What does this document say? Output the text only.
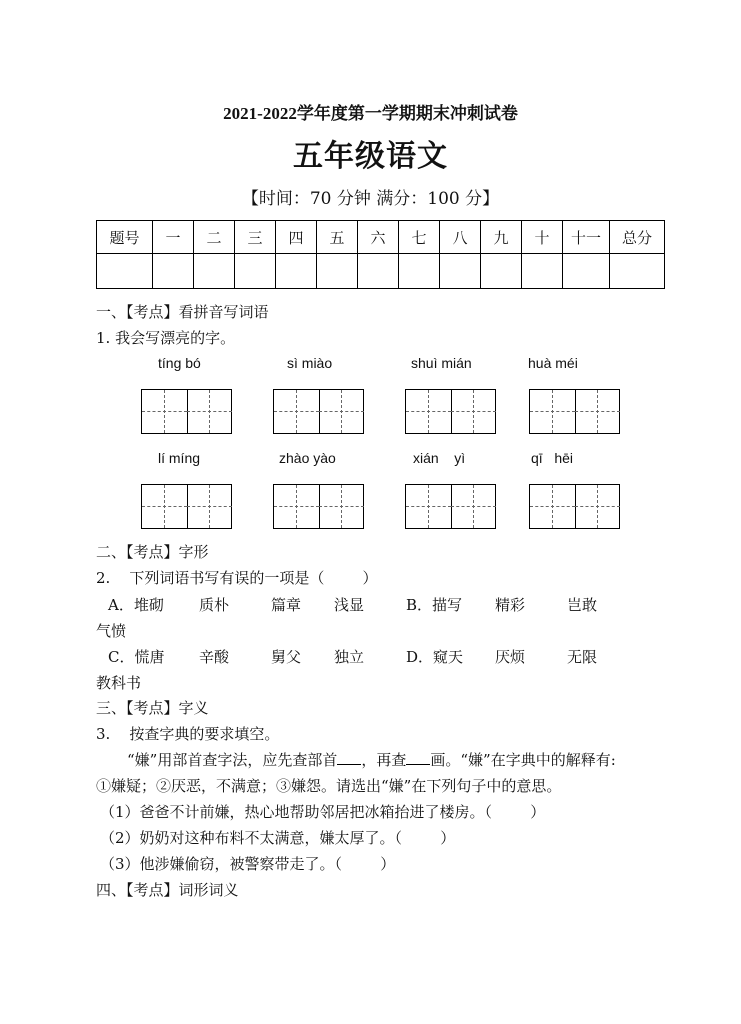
2021-2022学年度第一学期期末冲刺试卷
五年级语文
【时间：70 分钟 满分：100 分】
题号	一	二	三	四	五	六	七	八	九	十	十一	总分

一、【考点】看拼音写词语
1. 我会写漂亮的字。
tíng bó	sì miào	shuì mián	huà méi
lí míng	zhào yào	xián    yì	qī   hēi
二、【考点】字形
2.    下列词语书写有误的一项是（        ）
A．堆砌 质朴	篇章 浅显	B．描写 精彩	岂敢
气愤
C．慌唐 辛酸	舅父 独立	D．窥天 厌烦	无限
教科书
三、【考点】字义
3.    按查字典的要求填空。
“嫌”用部首查字法，应先查部首 ，再查 画。“嫌”在字典中的解释有:
①嫌疑；②厌恶，不满意；③嫌怨。请选出“嫌”在下列句子中的意思。
（1）爸爸不计前嫌，热心地帮助邻居把冰箱抬进了楼房。（        ）
（2）奶奶对这种布料不太满意，嫌太厚了。（        ）
（3）他涉嫌偷窃，被警察带走了。（        ）
四、【考点】词形词义
